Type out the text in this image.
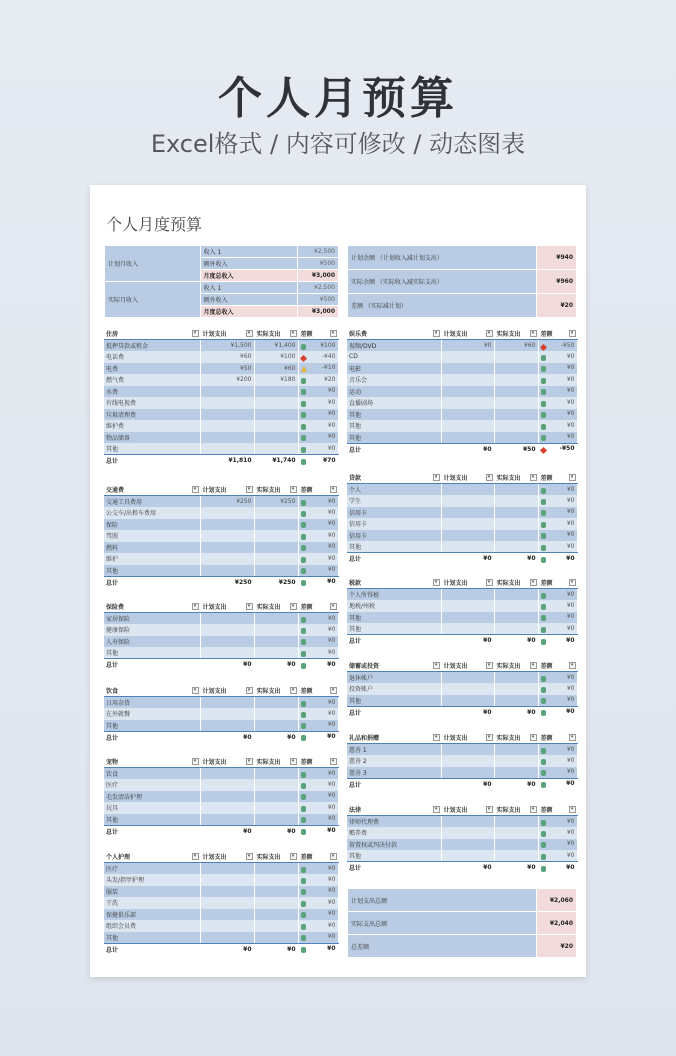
个人月预算
Excel格式 / 内容可修改 / 动态图表
个人月度预算
计划月收入	收入 1	¥2,500
	额外收入	¥500
	月度总收入	¥3,000
实际月收入	收入 1	¥2,500
	额外收入	¥500
	月度总收入	¥3,000
计划余额 （计划收入减计划支出）	¥940
实际余额 （实际收入减实际支出）	¥960
差额 （实际减计划）	¥20
住房 ▾	计划支出 ▾	实际支出 ▾	差额 ▾

抵押贷款或租金	¥1,500	¥1,400	¥100
电话费	¥60	¥100	-¥40
电费	¥50	¥60	-¥10
燃气费	¥200	¥180	¥20
水费			¥0
有线电视费			¥0
垃圾清理费			¥0
维护费			¥0
物品储备			¥0
其他			¥0
总计	¥1,810	¥1,740	¥70
交通费 ▾	计划支出 ▾	实际支出 ▾	差额 ▾

交通工具费用	¥250	¥250	¥0
公交车/出租车费用			¥0
保险			¥0
驾照			¥0
燃料			¥0
维护			¥0
其他			¥0
总计	¥250	¥250	¥0
保险费 ▾	计划支出 ▾	实际支出 ▾	差额 ▾

家居保险			¥0
健康保险			¥0
人寿保险			¥0
其他			¥0
总计	¥0	¥0	¥0
饮食 ▾	计划支出 ▾	实际支出 ▾	差额 ▾

日用杂货			¥0
在外就餐			¥0
其他			¥0
总计	¥0	¥0	¥0
宠物 ▾	计划支出 ▾	实际支出 ▾	差额 ▾

饮食			¥0
医疗			¥0
毛发清洁护理			¥0
玩具			¥0
其他			¥0
总计	¥0	¥0	¥0
个人护理 ▾	计划支出 ▾	实际支出 ▾	差额 ▾

医疗			¥0
头发/指甲护理			¥0
服装			¥0
干洗			¥0
保健俱乐部			¥0
组织会员费			¥0
其他			¥0
总计	¥0	¥0	¥0
娱乐费 ▾	计划支出 ▾	实际支出 ▾	差额 ▾

视频/DVD	¥0	¥60	-¥50
CD			¥0
电影			¥0
音乐会			¥0
运动			¥0
直播剧场			¥0
其他			¥0
其他			¥0
其他			¥0
总计	¥0	¥50	-¥50
贷款 ▾	计划支出 ▾	实际支出 ▾	差额 ▾

个人			¥0
学生			¥0
信用卡			¥0
信用卡			¥0
信用卡			¥0
其他			¥0
总计	¥0	¥0	¥0
税款 ▾	计划支出 ▾	实际支出 ▾	差额 ▾

个人所得税			¥0
地税/州税			¥0
其他			¥0
其他			¥0
总计	¥0	¥0	¥0
储蓄或投资 ▾	计划支出 ▾	实际支出 ▾	差额 ▾

退休帐户			¥0
投资帐户			¥0
其他			¥0
总计	¥0	¥0	¥0
礼品和捐赠 ▾	计划支出 ▾	实际支出 ▾	差额 ▾

慈善 1			¥0
慈善 2			¥0
慈善 3			¥0
总计	¥0	¥0	¥0
法律 ▾	计划支出 ▾	实际支出 ▾	差额 ▾

律师代理费			¥0
赡养费			¥0
留置权或判决付款			¥0
其他			¥0
总计	¥0	¥0	¥0
计划支出总额	¥2,060
实际支出总额	¥2,040
总差额	¥20
